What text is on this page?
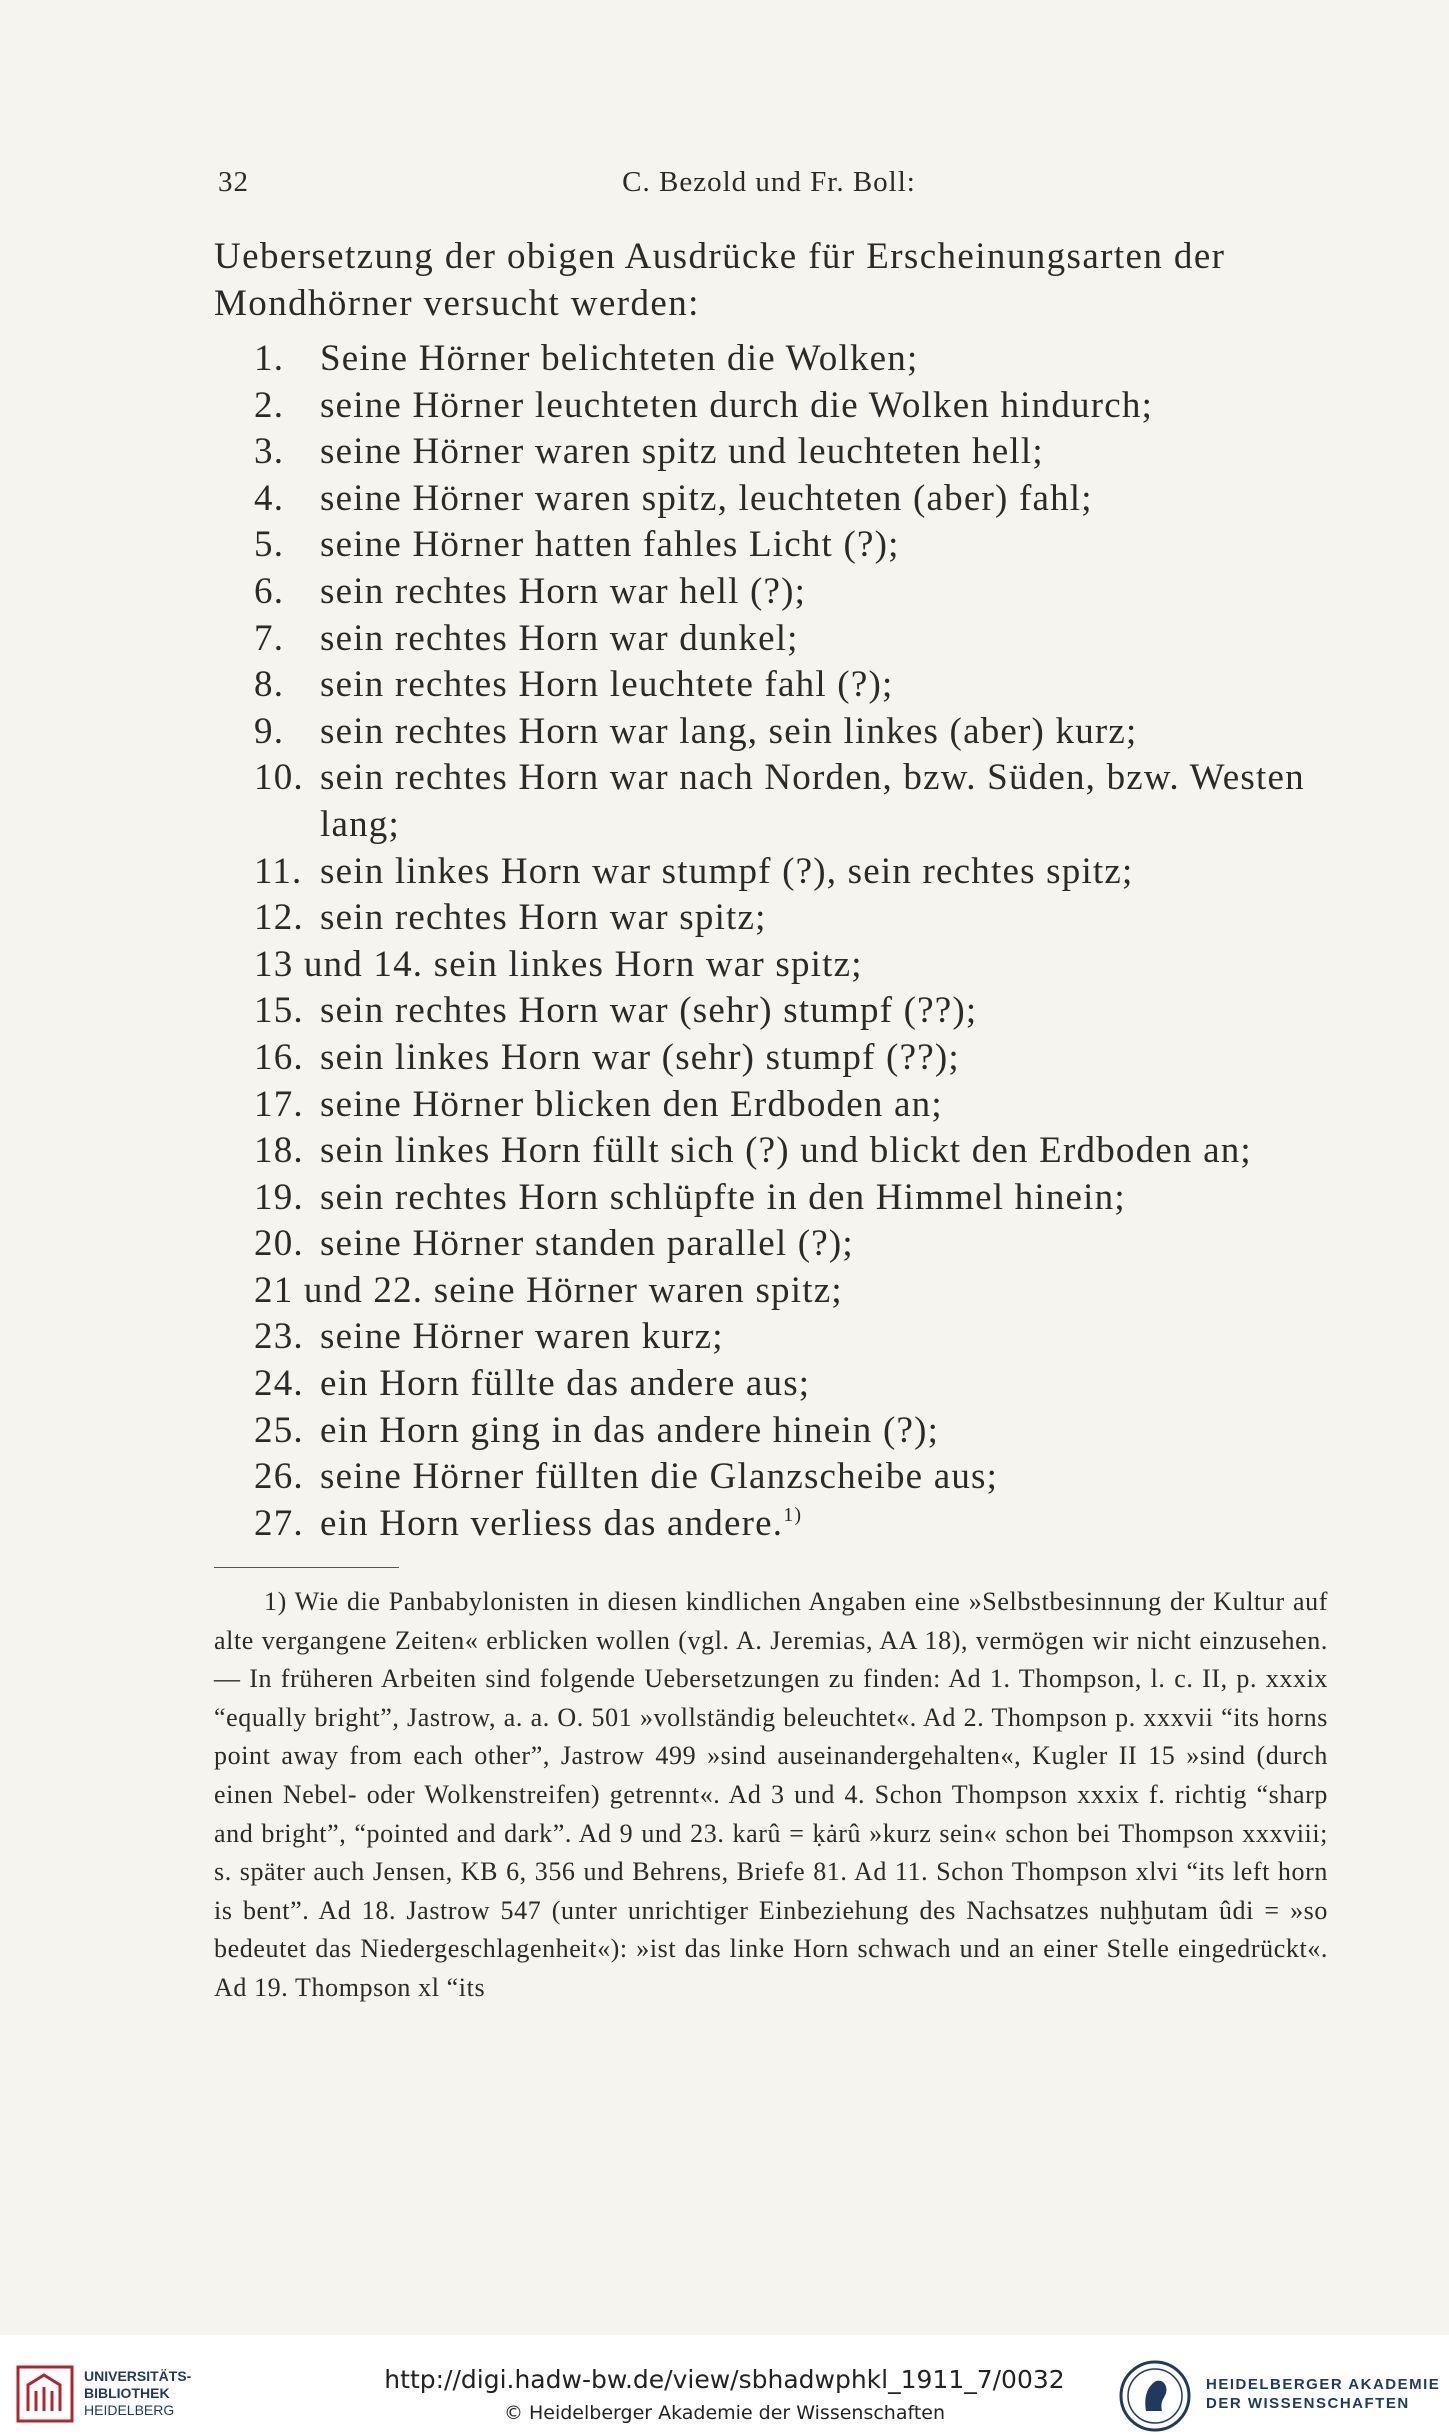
32	C. Bezold und Fr. Boll:
Uebersetzung der obigen Ausdrücke für Erscheinungsarten der Mondhörner versucht werden:
1. Seine Hörner belichteten die Wolken;
2. seine Hörner leuchteten durch die Wolken hindurch;
3. seine Hörner waren spitz und leuchteten hell;
4. seine Hörner waren spitz, leuchteten (aber) fahl;
5. seine Hörner hatten fahles Licht (?);
6. sein rechtes Horn war hell (?);
7. sein rechtes Horn war dunkel;
8. sein rechtes Horn leuchtete fahl (?);
9. sein rechtes Horn war lang, sein linkes (aber) kurz;
10. sein rechtes Horn war nach Norden, bzw. Süden, bzw. Westen lang;
11. sein linkes Horn war stumpf (?), sein rechtes spitz;
12. sein rechtes Horn war spitz;
13 und 14. sein linkes Horn war spitz;
15. sein rechtes Horn war (sehr) stumpf (??);
16. sein linkes Horn war (sehr) stumpf (??);
17. seine Hörner blicken den Erdboden an;
18. sein linkes Horn füllt sich (?) und blickt den Erdboden an;
19. sein rechtes Horn schlüpfte in den Himmel hinein;
20. seine Hörner standen parallel (?);
21 und 22. seine Hörner waren spitz;
23. seine Hörner waren kurz;
24. ein Horn füllte das andere aus;
25. ein Horn ging in das andere hinein (?);
26. seine Hörner füllten die Glanzscheibe aus;
27. ein Horn verliess das andere.$^{1)}$

1) Wie die Panbabylonisten in diesen kindlichen Angaben eine »Selbstbesinnung der Kultur auf alte vergangene Zeiten« erblicken wollen (vgl. A. Jeremias, AA 18), vermögen wir nicht einzusehen. — In früheren Arbeiten sind folgende Uebersetzungen zu finden: Ad 1. Thompson, l. c. II, p. xxxix “equally bright”, Jastrow, a. a. O. 501 »vollständig beleuchtet«. Ad 2. Thompson p. xxxvii “its horns point away from each other”, Jastrow 499 »sind auseinandergehalten«, Kugler II 15 »sind (durch einen Nebel- oder Wolkenstreifen) getrennt«. Ad 3 und 4. Schon Thompson xxxix f. richtig “sharp and bright”, “pointed and dark”. Ad 9 und 23. karû = ḳȧrû »kurz sein« schon bei Thompson xxxviii; s. später auch Jensen, KB 6, 356 und Behrens, Briefe 81. Ad 11. Schon Thompson xlvi “its left horn is bent”. Ad 18. Jastrow 547 (unter unrichtiger Einbeziehung des Nachsatzes nuḫḫutam ûdi = »so bedeutet das Niedergeschlagenheit«): »ist das linke Horn schwach und an einer Stelle eingedrückt«. Ad 19. Thompson xl “its

UNIVERSITÄTS-
BIBLIOTHEK
HEIDELBERG
http://digi.hadw-bw.de/view/sbhadwphkl_1911_7/0032
© Heidelberger Akademie der Wissenschaften
HEIDELBERGER AKADEMIE
DER WISSENSCHAFTEN
